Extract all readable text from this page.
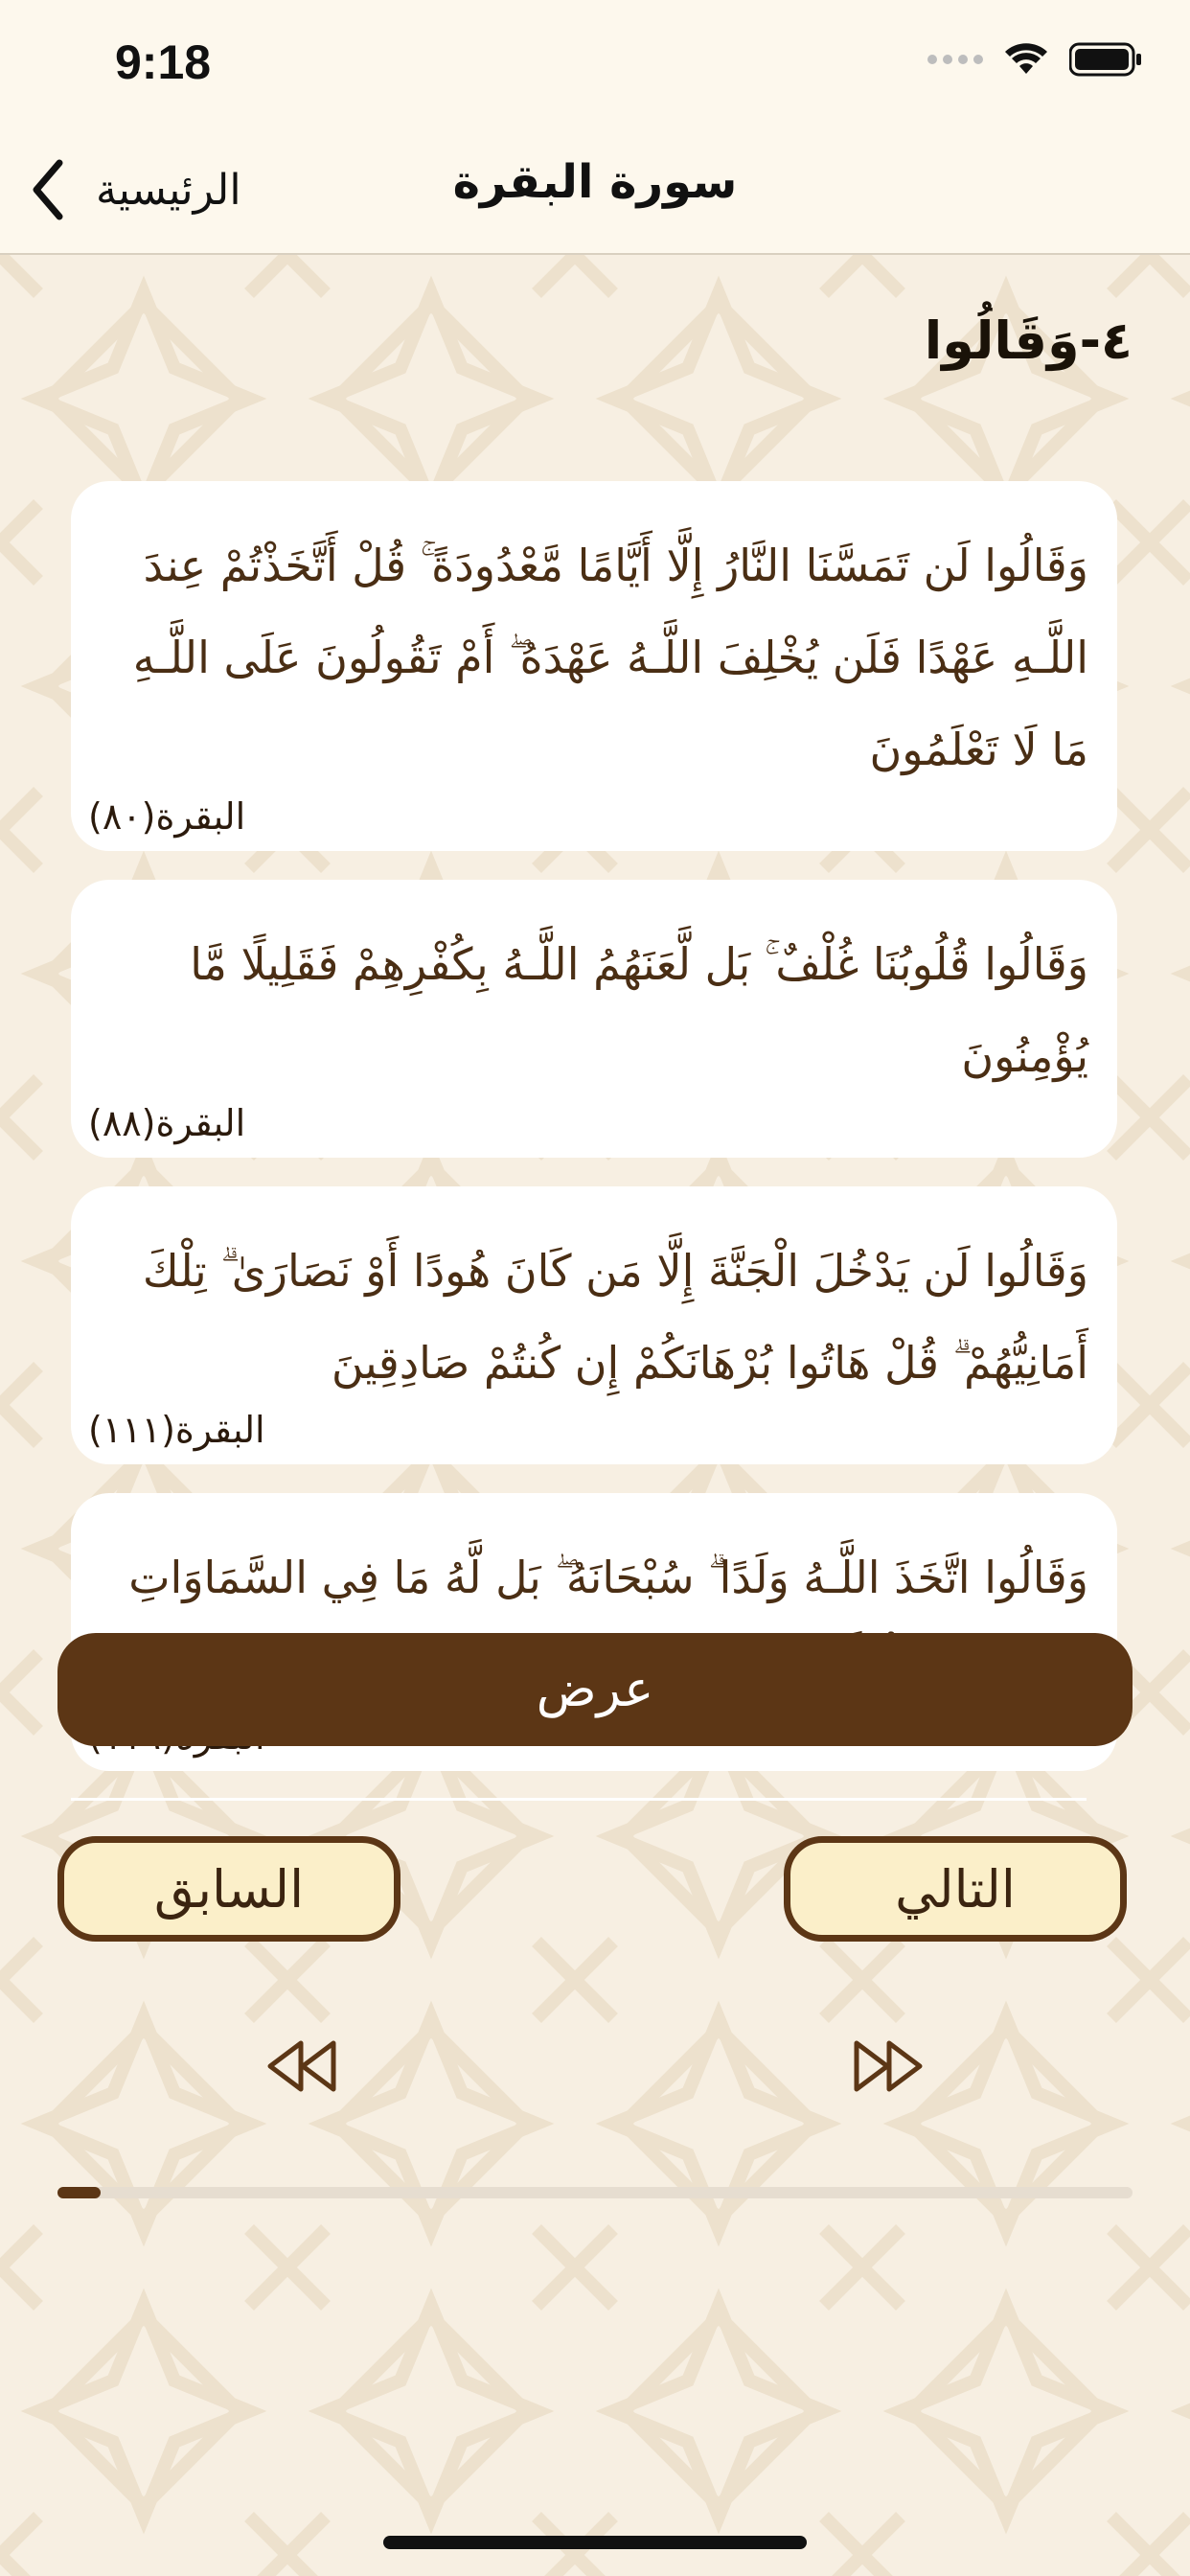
9:18
الرئيسية	سورة البقرة
٤-وَقَالُوا
وَقَالُوا لَن تَمَسَّنَا النَّارُ إِلَّا أَيَّامًا مَّعْدُودَةً ۚ قُلْ أَتَّخَذْتُمْ عِندَ اللَّـهِ عَهْدًا فَلَن يُخْلِفَ اللَّـهُ عَهْدَهُ ۖ أَمْ تَقُولُونَ عَلَى اللَّـهِ مَا لَا تَعْلَمُونَ
البقرة(٨٠)
وَقَالُوا قُلُوبُنَا غُلْفٌ ۚ بَل لَّعَنَهُمُ اللَّـهُ بِكُفْرِهِمْ فَقَلِيلًا مَّا يُؤْمِنُونَ
البقرة(٨٨)
وَقَالُوا لَن يَدْخُلَ الْجَنَّةَ إِلَّا مَن كَانَ هُودًا أَوْ نَصَارَىٰ ۗ تِلْكَ أَمَانِيُّهُمْ ۗ قُلْ هَاتُوا بُرْهَانَكُمْ إِن كُنتُمْ صَادِقِينَ
البقرة(١١١)
وَقَالُوا اتَّخَذَ اللَّـهُ وَلَدًا ۗ سُبْحَانَهُ ۖ بَل لَّهُ مَا فِي السَّمَاوَاتِ
عرض
السابق	التالي
